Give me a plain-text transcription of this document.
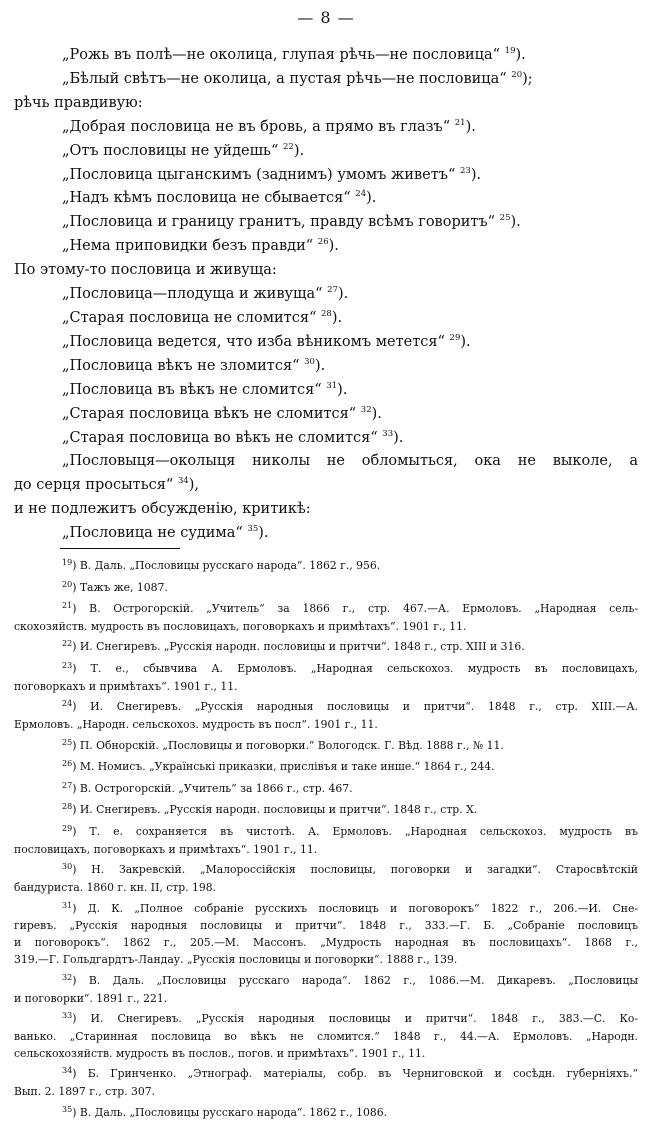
— 8 —
„Рожь въ полѣ—не околица, глупая рѣчь—не пословица“ $^{19}$).
„Бѣлый свѣтъ—не околица, а пустая рѣчь—не пословица“ $^{20}$);
рѣчь правдивую:
„Добрая пословица не въ бровь, а прямо въ глазъ“ $^{21}$).
„Отъ пословицы не уйдешь“ $^{22}$).
„Пословица цыганскимъ (заднимъ) умомъ живетъ“ $^{23}$).
„Надъ кѣмъ пословица не сбывается“ $^{24}$).
„Пословица и границу гранитъ, правду всѣмъ говоритъ“ $^{25}$).
„Нема приповидки безъ правди“ $^{26}$).
По этому-то пословица и живуща:
„Пословица—плодуща и живуща“ $^{27}$).
„Старая пословица не сломится“ $^{28}$).
„Пословица ведется, что изба вѣникомъ метется“ $^{29}$).
„Пословица вѣкъ не зломится“ $^{30}$).
„Пословица въ вѣкъ не сломится“ $^{31}$).
„Старая пословица вѣкъ не сломится“ $^{32}$).
„Старая пословица во вѣкъ не сломится“ $^{33}$).
„Пословыця—околыця николы не обломыться, ока не выколе, а
до серця просыться“ $^{34}$),
и не подлежитъ обсужденiю, критикѣ:
„Пословица не судима“ $^{35}$).
$^{19}$) В. Даль. „Пословицы русскаго народа“. 1862 г., 956.
$^{20}$) Тажъ же, 1087.
$^{21}$) В. Острогорскiй. „Учитель“ за 1866 г., стр. 467.—А. Ермоловъ. „Народная сель-
скохозяйств. мудрость въ пословицахъ, поговоркахъ и примѣтахъ“. 1901 г., 11.
$^{22}$) И. Снегиревъ. „Русскiя народн. пословицы и притчи“. 1848 г., стр. XIII и 316.
$^{23}$) Т. е., сбывчива А. Ермоловъ. „Народная сельскохоз. мудрость въ пословицахъ,
поговоркахъ и примѣтахъ“. 1901 г., 11.
$^{24}$) И. Снегиревъ. „Русскiя народныя пословицы и притчи“. 1848 г., стр. XIII.—А.
Ермоловъ. „Народн. сельскохоз. мудрость въ посл“. 1901 г., 11.
$^{25}$) П. Обнорскiй. „Пословицы и поговорки.“ Вологодск. Г. Вѣд. 1888 г., № 11.
$^{26}$) М. Номисъ. „Українські приказки, прислівъя и таке инше.“ 1864 г., 244.
$^{27}$) В. Острогорскiй. „Учитель“ за 1866 г., стр. 467.
$^{28}$) И. Снегиревъ. „Русскiя народн. пословицы и притчи“. 1848 г., стр. X.
$^{29}$) Т. е. сохраняется въ чистотѣ. А. Ермоловъ. „Народная сельскохоз. мудрость въ
пословицахъ, поговоркахъ и примѣтахъ“. 1901 г., 11.
$^{30}$) Н. Закревскiй. „Малороссiйскiя пословицы, поговорки и загадки“. Старосвѣтскiй
бандуриста. 1860 г. кн. II, стр. 198.
$^{31}$) Д. К. „Полное собранiе русскихъ пословицъ и поговорокъ“ 1822 г., 206.—И. Сне-
гиревъ. „Русскiя народныя пословицы и притчи“. 1848 г., 333.—Г. Б. „Собранiе пословицъ
и поговорокъ“. 1862 г., 205.—М. Массонъ. „Мудрость народная въ пословицахъ“. 1868 г.,
319.—Г. Гольдгардтъ-Ландау. „Русскiя пословицы и поговорки“. 1888 г., 139.
$^{32}$) В. Даль. „Пословицы русскаго народа“. 1862 г., 1086.—М. Дикаревъ. „Пословицы
и поговорки“. 1891 г., 221.
$^{33}$) И. Снегиревъ. „Русскiя народныя пословицы и притчи“. 1848 г., 383.—С. Ко-
ванько. „Старинная пословица во вѣкъ не сломится.“ 1848 г., 44.—А. Ермоловъ. „Народн.
сельскохозяйств. мудрость въ послов., погов. и примѣтахъ“. 1901 г., 11.
$^{34}$) Б. Гринченко. „Этнограф. матерiалы, собр. въ Черниговской и сосѣдн. губернiяхъ.“
Вып. 2. 1897 г., стр. 307.
$^{35}$) В. Даль. „Пословицы русскаго народа“. 1862 г., 1086.
